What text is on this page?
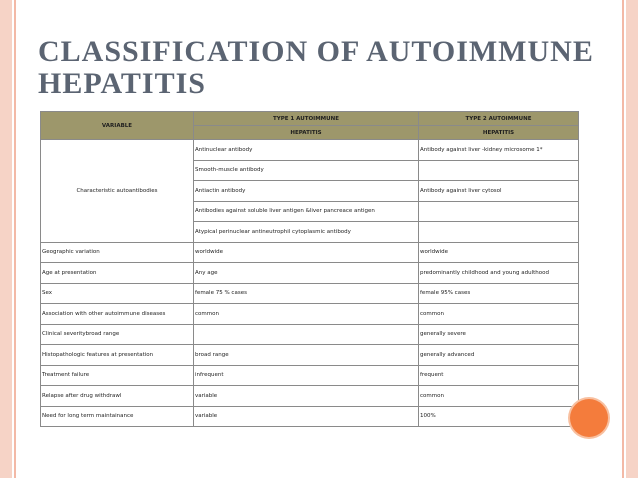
CLASSIFICATION OF AUTOIMMUNE HEPATITIS
VARIABLE	TYPE 1 AUTOIMMUNE	TYPE 2 AUTOIMMUNE
	HEPATITIS	HEPATITIS
Characteristic autoantibodies	Antinuclear antibody	Antibody against liver -kidney microsome 1*
	Smooth-muscle antibody	
	Antiactin antibody	Antibody against liver cytosol
	Antibodies against soluble liver antigen &liver pancreace antigen	
	Atypical perinuclear antineutrophil cytoplasmic antibody	
Geographic variation	worldwide	worldwide
Age at presentation	Any age	predominantly childhood and young adulthood
Sex	female 75 % cases	female 95% cases
Association with other autoimmune diseases	common	common
Clinical severitybroad range		generally severe
Histopathologic features at presentation	broad range	generally advanced
Treatment failure	infrequent	frequent
Relapse after drug withdrawl	variable	common
Need for long term maintainance	variable	100%
